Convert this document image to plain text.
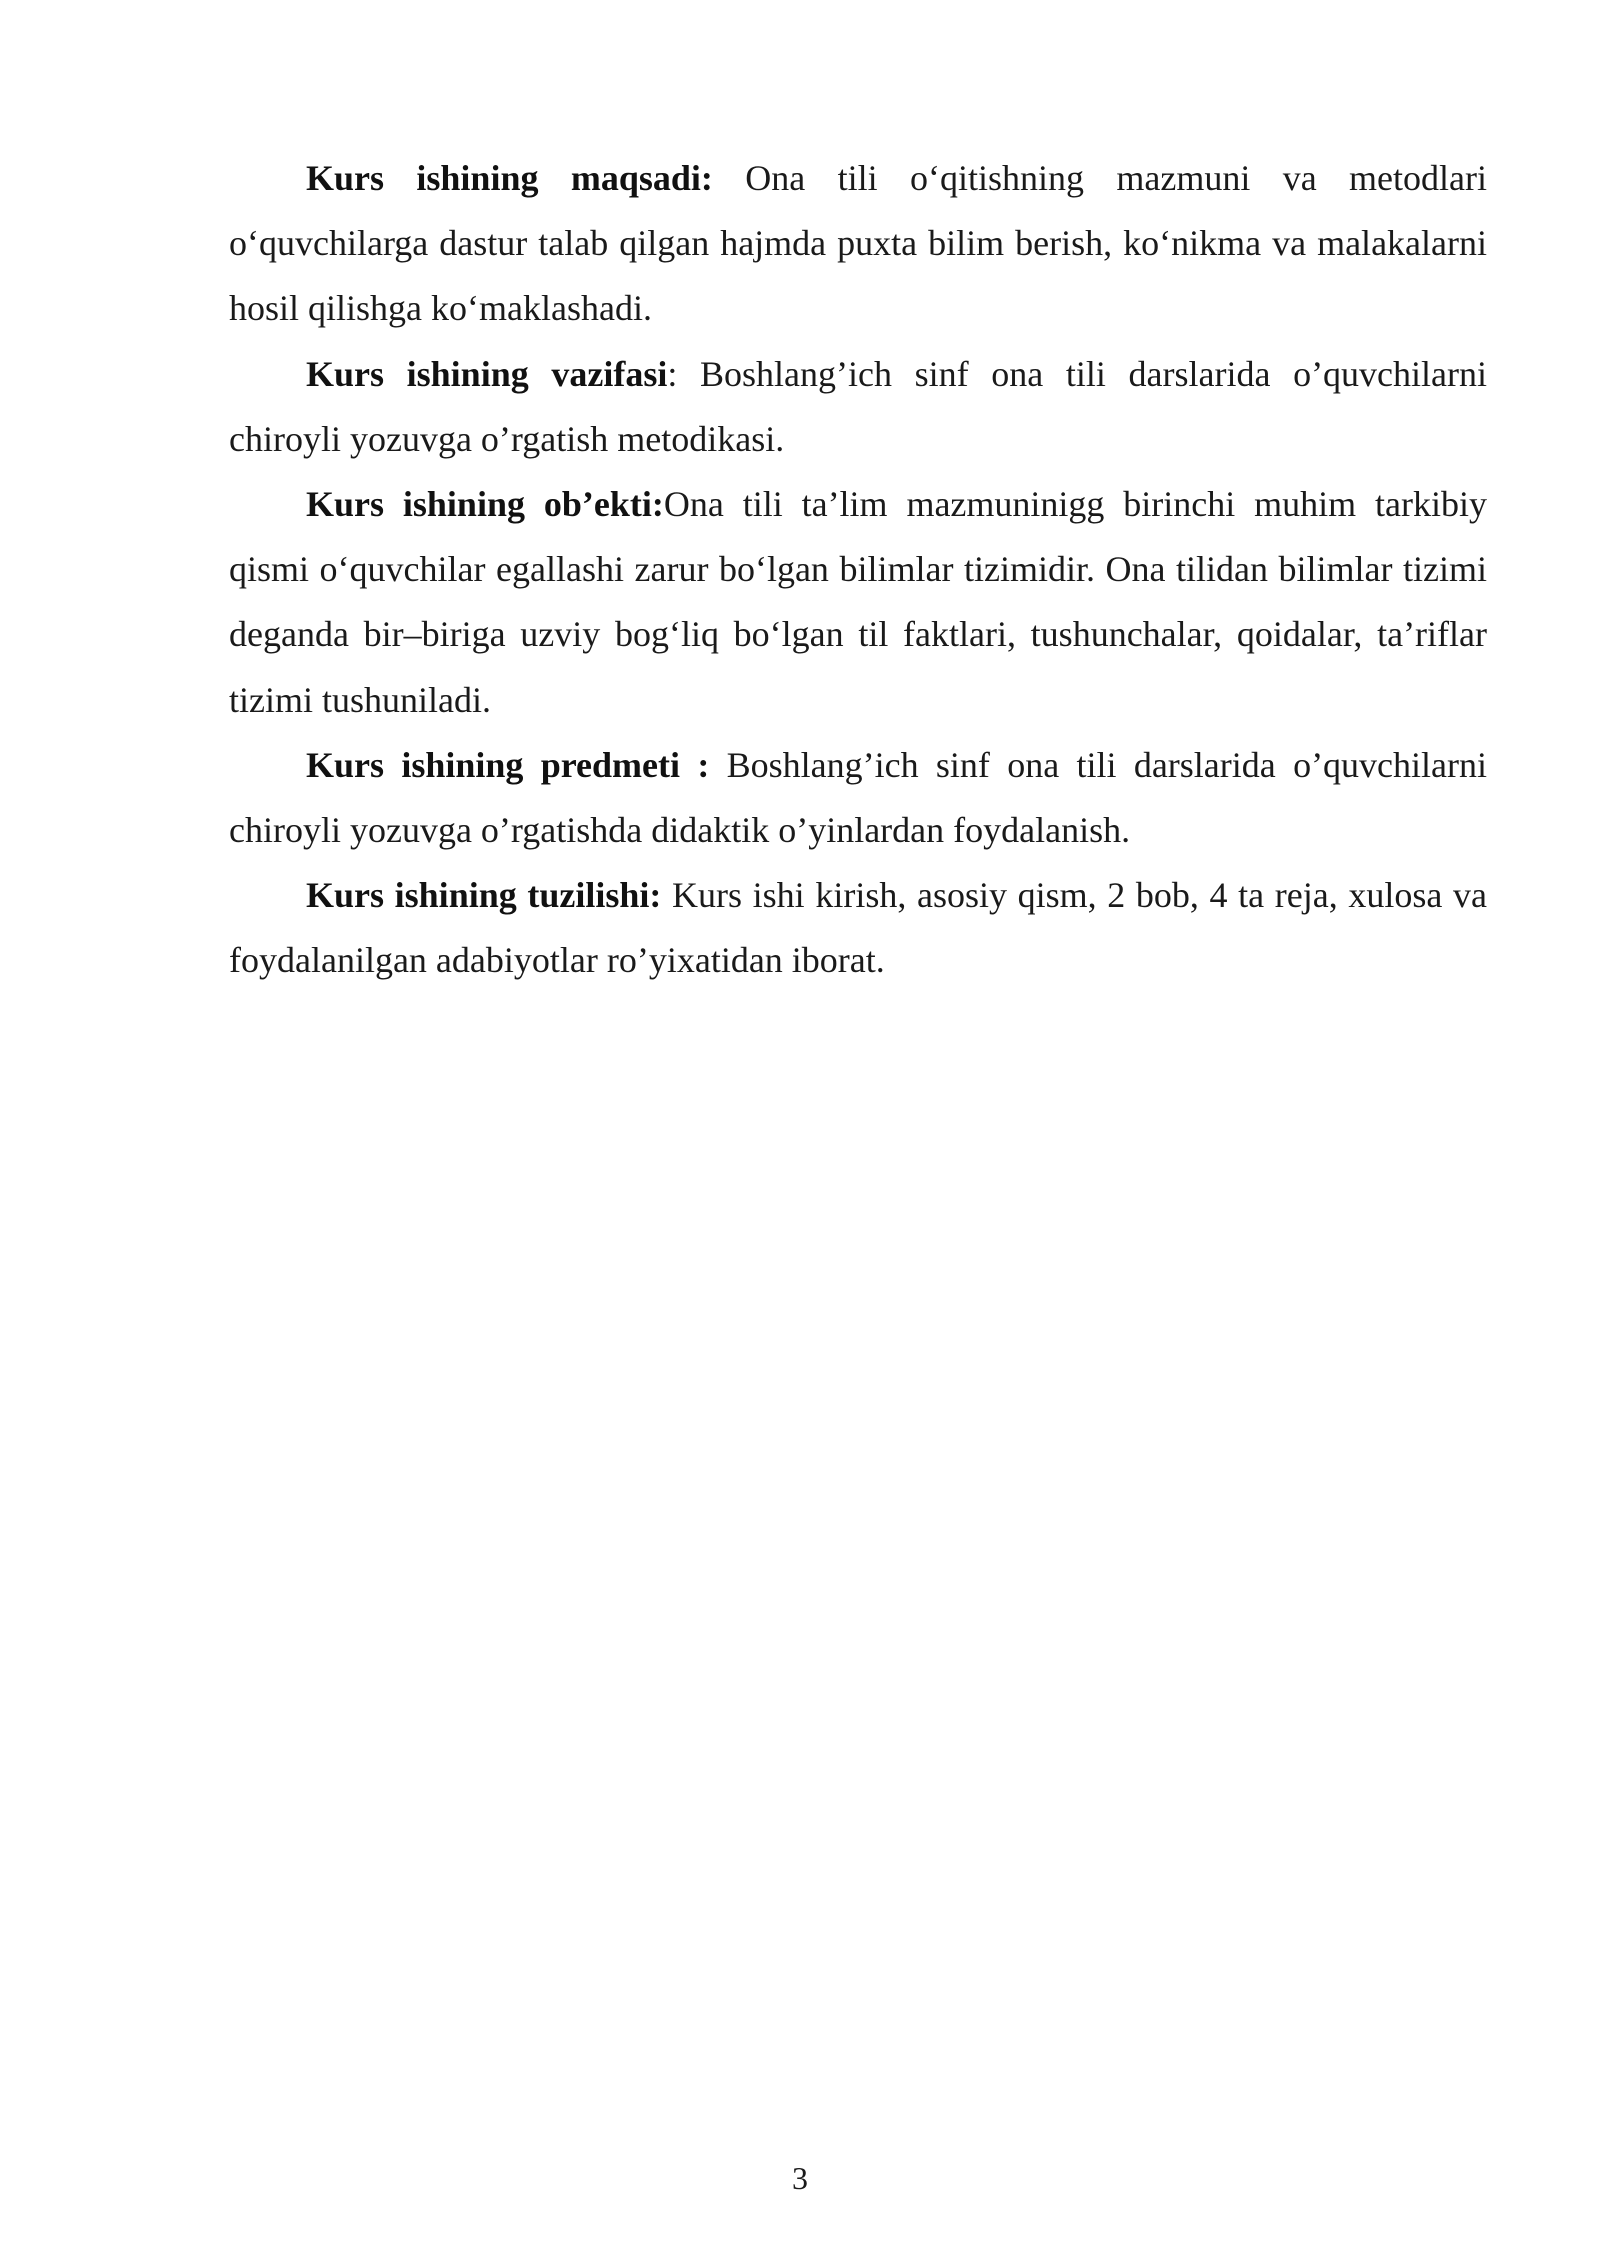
Kurs ishining maqsadi: Ona tili o‘qitishning mazmuni va metodlari o‘quvchilarga dastur talab qilgan hajmda puxta bilim berish, ko‘nikma va malakalarni hosil qilishga ko‘maklashadi.

Kurs ishining vazifasi: Boshlang’ich sinf ona tili darslarida o’quvchilarni chiroyli yozuvga o’rgatish metodikasi.

Kurs ishining ob’ekti:Ona tili ta’lim mazmuninigg birinchi muhim tarkibiy qismi o‘quvchilar egallashi zarur bo‘lgan bilimlar tizimidir. Ona tilidan bilimlar tizimi deganda bir–biriga uzviy bog‘liq bo‘lgan til faktlari, tushunchalar, qoidalar, ta’riflar tizimi tushuniladi.

Kurs ishining predmeti : Boshlang’ich sinf ona tili darslarida o’quvchilarni chiroyli yozuvga o’rgatishda didaktik o’yinlardan foydalanish.

Kurs ishining tuzilishi: Kurs ishi kirish, asosiy qism, 2 bob, 4 ta reja, xulosa va foydalanilgan adabiyotlar ro’yixatidan iborat.

3
